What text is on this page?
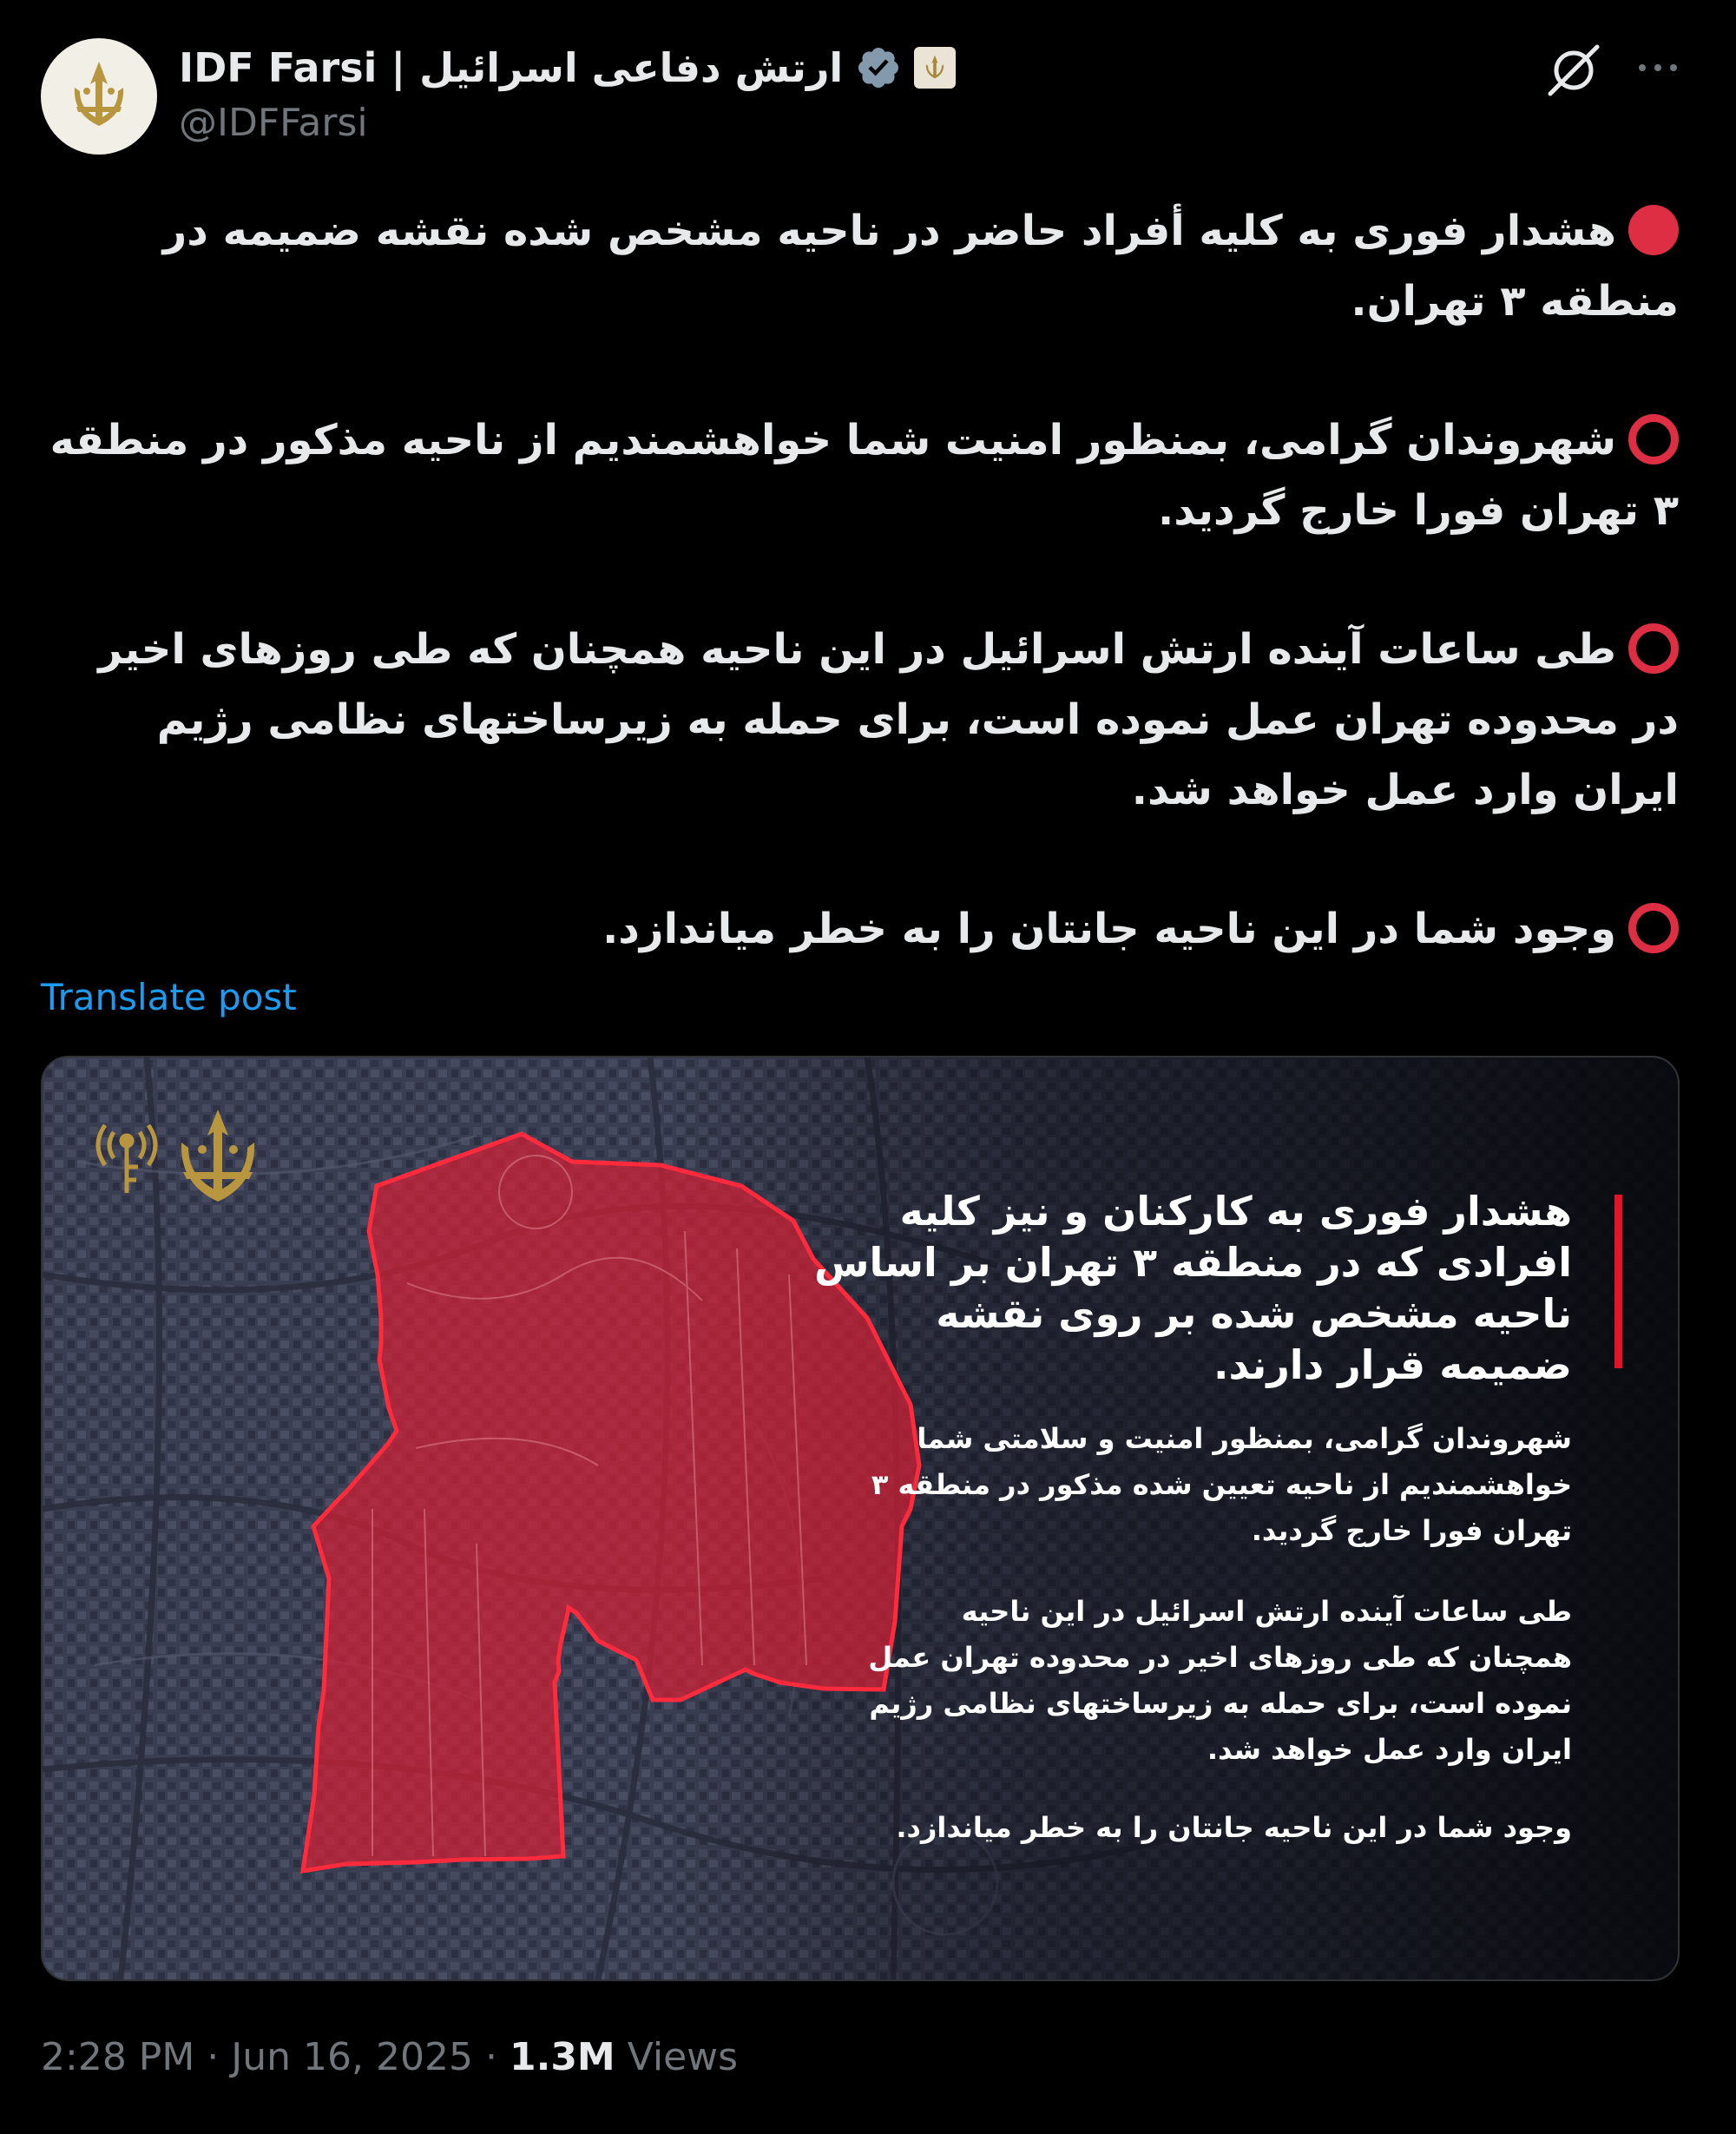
IDF Farsi | ارتش دفاعی اسرائیل
@IDFFarsi
هشدار فوری به کلیه أفراد حاضر در ناحیه مشخص شده نقشه ضمیمه در منطقه ۳ تهران.
شهروندان گرامی، بمنظور امنیت شما خواهشمندیم از ناحیه مذکور در منطقه ۳ تهران فورا خارج گردید.
طی ساعات آینده ارتش اسرائیل در این ناحیه همچنان که طی روزهای اخیر در محدوده تهران عمل نموده است، برای حمله به زیرساختهای نظامی رژیم ایران وارد عمل خواهد شد.
وجود شما در این ناحیه جانتان را به خطر میاندازد.
Translate post
هشدار فوری به کارکنان و نیز کلیه افرادی که در منطقه ۳ تهران بر اساس ناحیه مشخص شده بر روی نقشه ضمیمه قرار دارند.
شهروندان گرامی، بمنظور امنیت و سلامتی شما خواهشمندیم از ناحیه تعیین شده مذکور در منطقه ۳ تهران فورا خارج گردید.
طی ساعات آینده ارتش اسرائیل در این ناحیه همچنان که طی روزهای اخیر در محدوده تهران عمل نموده است، برای حمله به زیرساختهای نظامی رژیم ایران وارد عمل خواهد شد.
وجود شما در این ناحیه جانتان را به خطر میاندازد.
2:28 PM · Jun 16, 2025 · 1.3M Views
